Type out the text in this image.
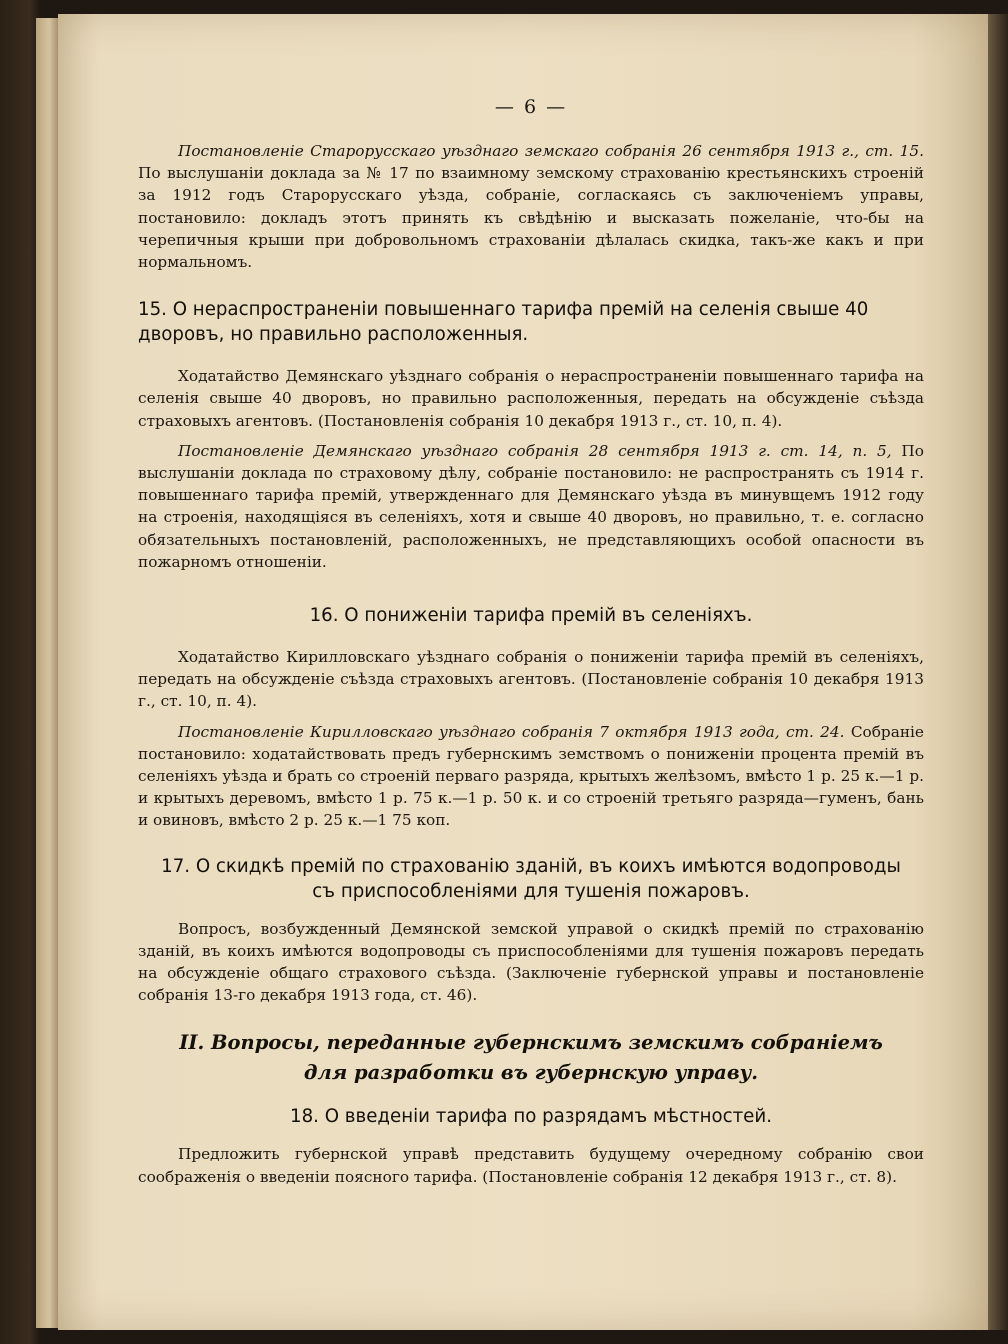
— 6 —

Постановленіе Старорусскаго уѣзднаго земскаго собранія 26 сентября 1913 г., ст. 15. По выслушаніи доклада за № 17 по взаимному земскому страхованію крестьянскихъ строеній за 1912 годъ Старорусскаго уѣзда, собраніе, согласкаясь съ заключеніемъ управы, постановило: докладъ этотъ принять къ свѣдѣнію и высказать пожеланіе, что-бы на черепичныя крыши при добровольномъ страхованіи дѣлалась скидка, такъ-же какъ и при нормальномъ.

15. О нераспространеніи повышеннаго тарифа премій на селенія свыше 40 дворовъ, но правильно расположенныя.

Ходатайство Демянскаго уѣзднаго собранія о нераспространеніи повышеннаго тарифа на селенія свыше 40 дворовъ, но правильно расположенныя, передать на обсужденіе съѣзда страховыхъ агентовъ. (Постановленія собранія 10 декабря 1913 г., ст. 10, п. 4).

Постановленіе Демянскаго уѣзднаго собранія 28 сентября 1913 г. ст. 14, п. 5, По выслушаніи доклада по страховому дѣлу, собраніе постановило: не распространять съ 1914 г. повышеннаго тарифа премій, утвержденнаго для Демянскаго уѣзда въ минувщемъ 1912 году на строенія, находящіяся въ селеніяхъ, хотя и свыше 40 дворовъ, но правильно, т. е. согласно обязательныхъ постановленій, расположенныхъ, не представляющихъ особой опасности въ пожарномъ отношеніи.

16. О пониженіи тарифа премій въ селеніяхъ.

Ходатайство Кирилловскаго уѣзднаго собранія о пониженіи тарифа премій въ селеніяхъ, передать на обсужденіе съѣзда страховыхъ агентовъ. (Постановленіе собранія 10 декабря 1913 г., ст. 10, п. 4).

Постановленіе Кирилловскаго уѣзднаго собранія 7 октября 1913 года, ст. 24. Собраніе постановило: ходатайствовать предъ губернскимъ земствомъ о пониженіи процента премій въ селеніяхъ уѣзда и брать со строеній перваго разряда, крытыхъ желѣзомъ, вмѣсто 1 р. 25 к.—1 р. и крытыхъ деревомъ, вмѣсто 1 р. 75 к.—1 р. 50 к. и со строеній третьяго разряда—гуменъ, бань и овиновъ, вмѣсто 2 р. 25 к.—1 75 коп.

17. О скидкѣ премій по страхованію зданій, въ коихъ имѣются водопроводы съ приспособленіями для тушенія пожаровъ.

Вопросъ, возбужденный Демянской земской управой о скидкѣ премій по страхованію зданій, въ коихъ имѣются водопроводы съ приспособленіями для тушенія пожаровъ передать на обсужденіе общаго страхового съѣзда. (Заключеніе губернской управы и постановленіе собранія 13-го декабря 1913 года, ст. 46).

II. Вопросы, переданные губернскимъ земскимъ собраніемъ для разработки въ губернскую управу.
18. О введеніи тарифа по разрядамъ мѣстностей.

Предложить губернской управѣ представить будущему очередному собранію свои соображенія о введеніи поясного тарифа. (Постановленіе собранія 12 декабря 1913 г., ст. 8).
